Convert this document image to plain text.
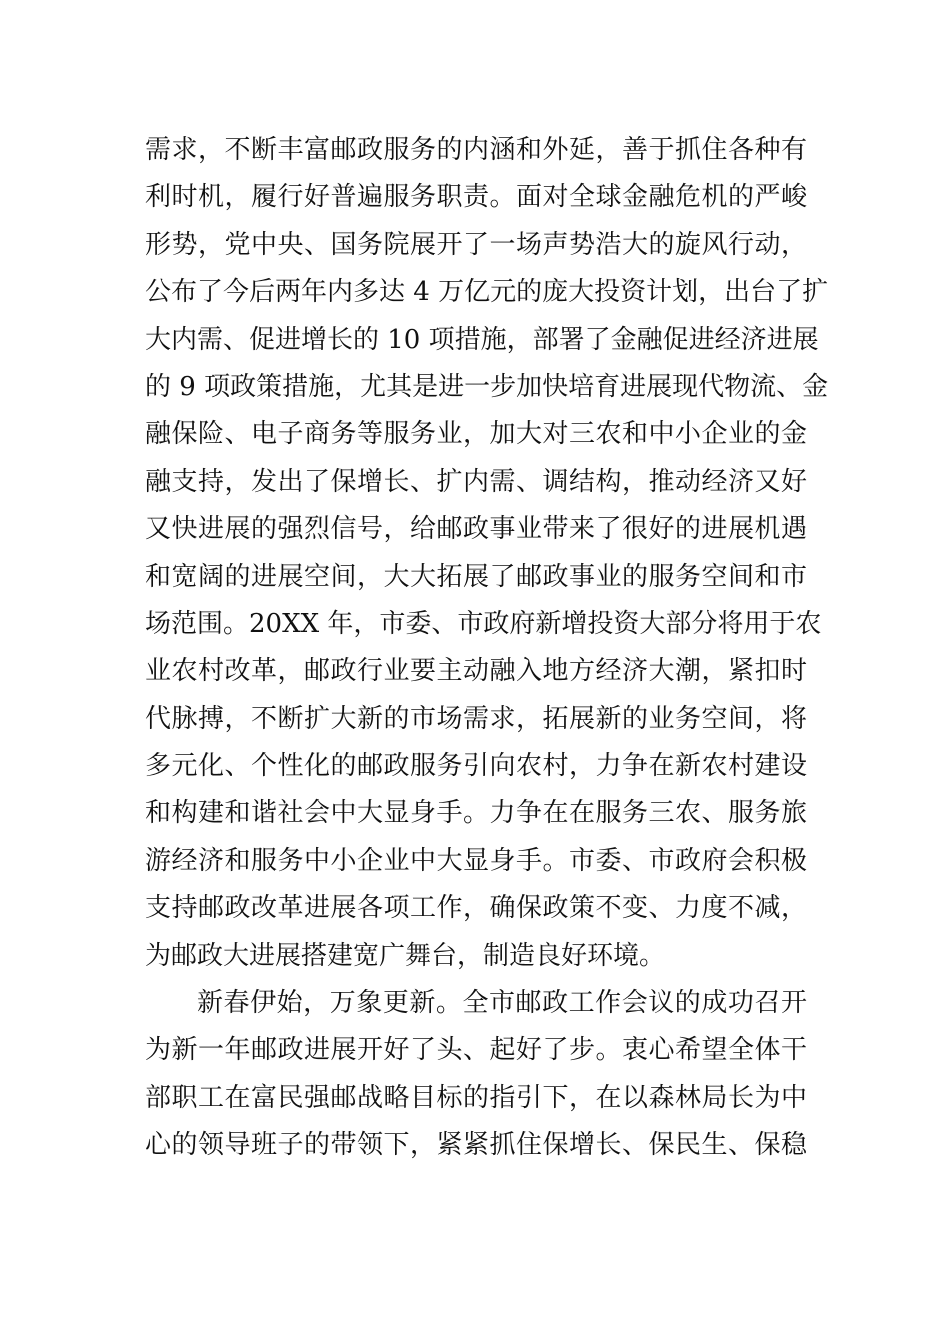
需求，不断丰富邮政服务的内涵和外延，善于抓住各种有
利时机，履行好普遍服务职责。面对全球金融危机的严峻
形势，党中央、国务院展开了一场声势浩大的旋风行动，
公布了今后两年内多达 4 万亿元的庞大投资计划，出台了扩
大内需、促进增长的 10 项措施，部署了金融促进经济进展
的 9 项政策措施，尤其是进一步加快培育进展现代物流、金
融保险、电子商务等服务业，加大对三农和中小企业的金
融支持，发出了保增长、扩内需、调结构，推动经济又好
又快进展的强烈信号，给邮政事业带来了很好的进展机遇
和宽阔的进展空间，大大拓展了邮政事业的服务空间和市
场范围。20XX 年，市委、市政府新增投资大部分将用于农
业农村改革，邮政行业要主动融入地方经济大潮，紧扣时
代脉搏，不断扩大新的市场需求，拓展新的业务空间，将
多元化、个性化的邮政服务引向农村，力争在新农村建设
和构建和谐社会中大显身手。力争在在服务三农、服务旅
游经济和服务中小企业中大显身手。市委、市政府会积极
支持邮政改革进展各项工作，确保政策不变、力度不减，
为邮政大进展搭建宽广舞台，制造良好环境。
新春伊始，万象更新。全市邮政工作会议的成功召开
为新一年邮政进展开好了头、起好了步。衷心希望全体干
部职工在富民强邮战略目标的指引下，在以森林局长为中
心的领导班子的带领下，紧紧抓住保增长、保民生、保稳
